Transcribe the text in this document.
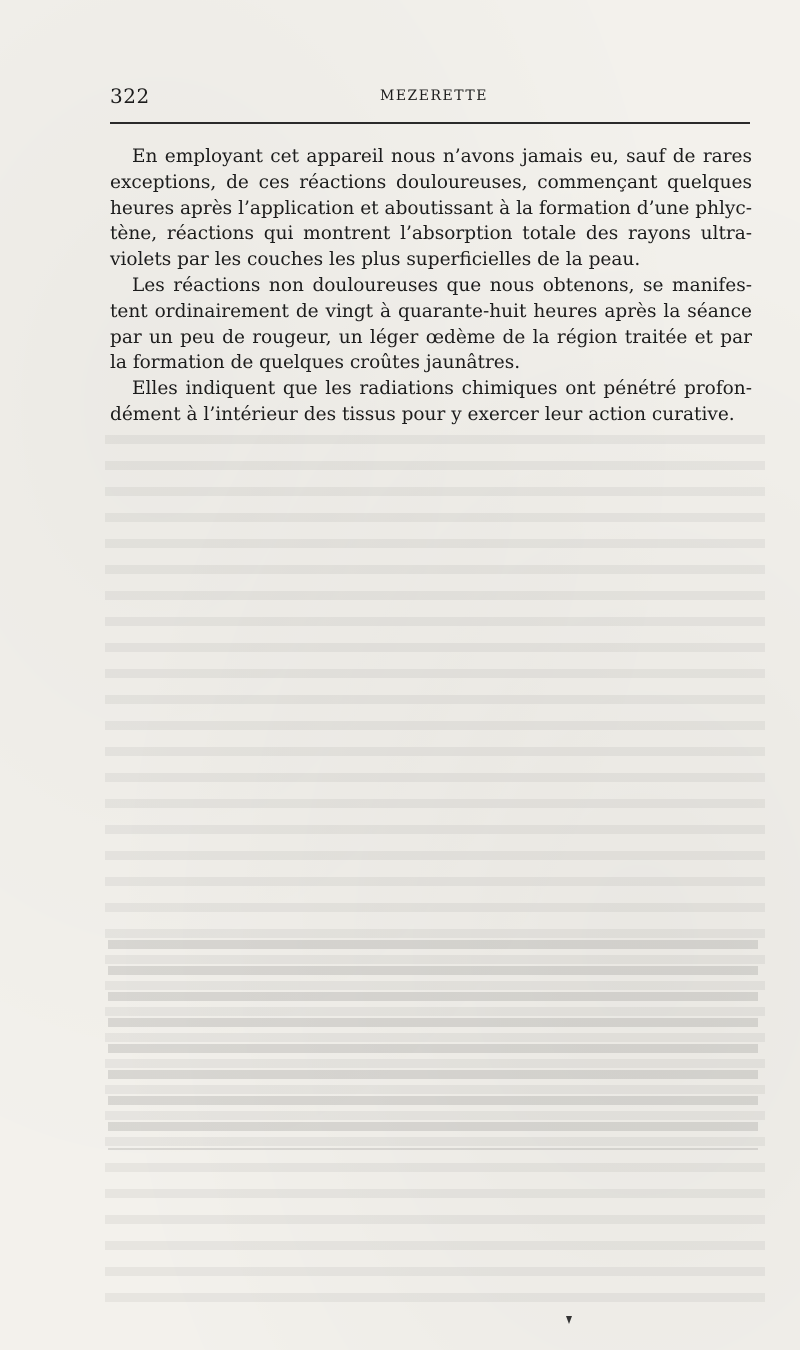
322	MEZERETTE

En employant cet appareil nous n’avons jamais eu, sauf de rares exceptions, de ces réactions douloureuses, commençant quelques heures après l’application et aboutissant à la formation d’une phlyctène, réactions qui montrent l’absorption totale des rayons ultra-violets par les couches les plus superficielles de la peau.

Les réactions non douloureuses que nous obtenons, se manifestent ordinairement de vingt à quarante-huit heures après la séance par un peu de rougeur, un léger œdème de la région traitée et par la formation de quelques croûtes jaunâtres.

Elles indiquent que les radiations chimiques ont pénétré profondément à l’intérieur des tissus pour y exercer leur action curative.
